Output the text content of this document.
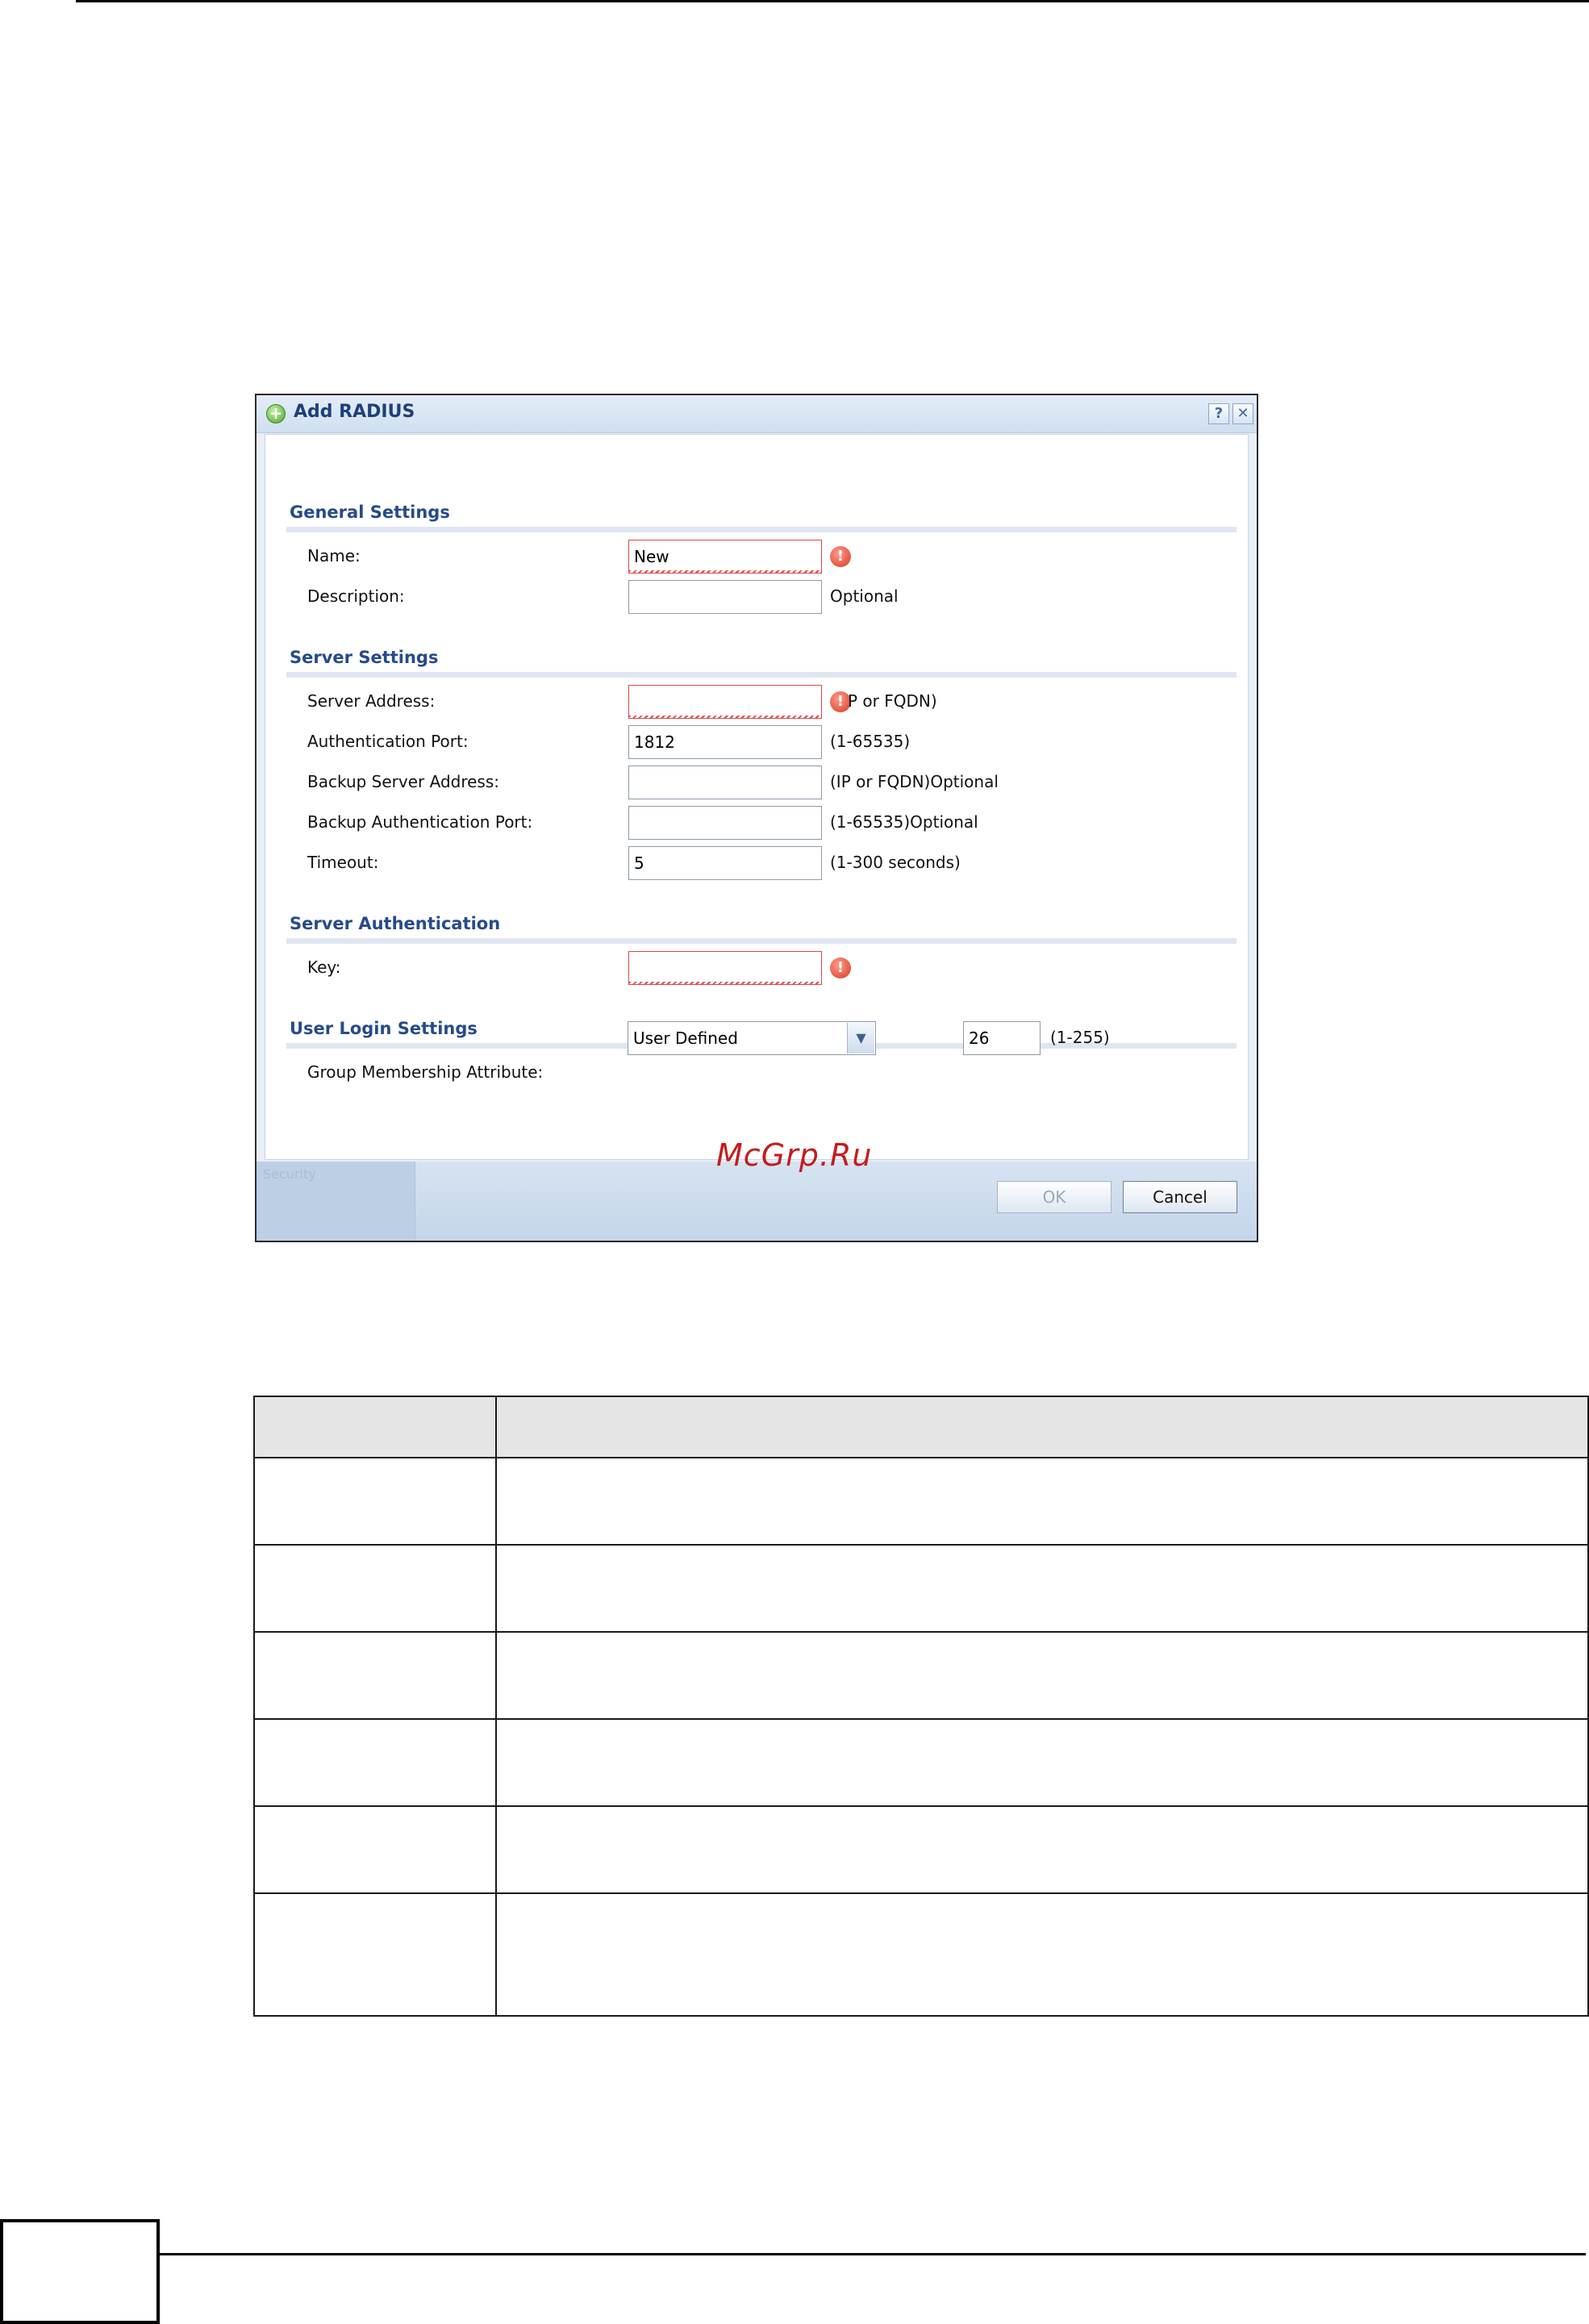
+ Add RADIUS	? ✕
General Settings
Name:
New	!
Description:	Optional
Server Settings
Server Address:	! P or FQDN)
Authentication Port:
1812	(1-65535)
Backup Server Address:	(IP or FQDN)Optional
Backup Authentication Port:	(1-65535)Optional
Timeout:
5	(1-300 seconds)
Server Authentication
Key:	!
User Login Settings
Group Membership Attribute:
User Defined	▼
26	(1-255)
Security
OK	Cancel
McGrp.Ru
